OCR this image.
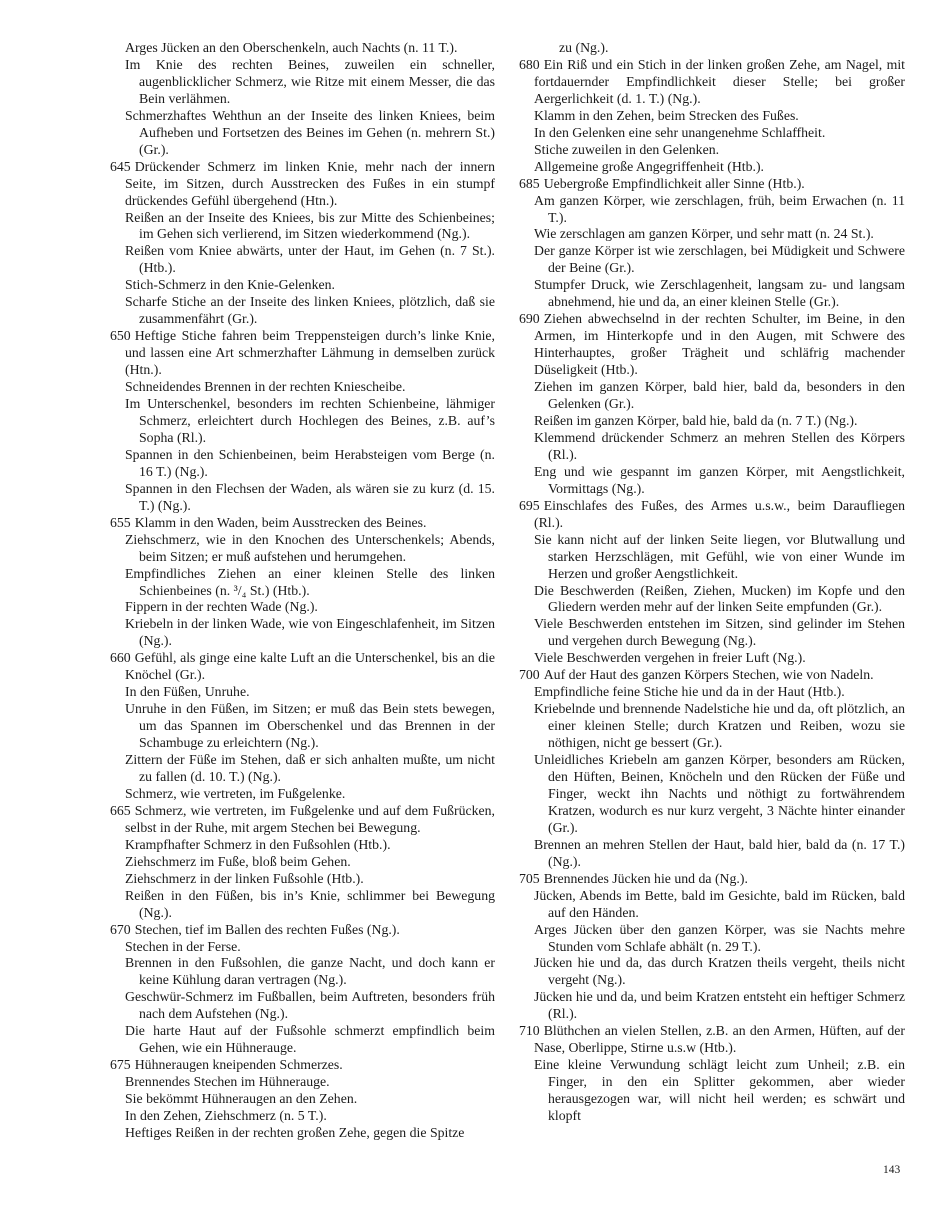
Arges Jücken an den Oberschenkeln, auch Nachts (n. 11 T.).
Im Knie des rechten Beines, zuweilen ein schneller, augenblicklicher Schmerz, wie Ritze mit einem Messer, die das Bein verlähmen.
Schmerzhaftes Wehthun an der Inseite des linken Kniees, beim Aufheben und Fortsetzen des Beines im Gehen (n. mehrern St.) (Gr.).
645 Drückender Schmerz im linken Knie, mehr nach der innern Seite, im Sitzen, durch Ausstrecken des Fußes in ein stumpf drückendes Gefühl übergehend (Htn.).
Reißen an der Inseite des Kniees, bis zur Mitte des Schienbeines; im Gehen sich verlierend, im Sitzen wiederkommend (Ng.).
Reißen vom Kniee abwärts, unter der Haut, im Gehen (n. 7 St.). (Htb.).
Stich-Schmerz in den Knie-Gelenken.
Scharfe Stiche an der Inseite des linken Kniees, plötzlich, daß sie zusammenfährt (Gr.).
650 Heftige Stiche fahren beim Treppensteigen durch’s linke Knie, und lassen eine Art schmerzhafter Lähmung in demselben zurück (Htn.).
Schneidendes Brennen in der rechten Kniescheibe.
Im Unterschenkel, besonders im rechten Schienbeine, lähmiger Schmerz, erleichtert durch Hochlegen des Beines, z.B. auf’s Sopha (Rl.).
Spannen in den Schienbeinen, beim Herabsteigen vom Berge (n. 16 T.) (Ng.).
Spannen in den Flechsen der Waden, als wären sie zu kurz (d. 15. T.) (Ng.).
655 Klamm in den Waden, beim Ausstrecken des Beines.
Ziehschmerz, wie in den Knochen des Unterschenkels; Abends, beim Sitzen; er muß aufstehen und herumgehen.
Empfindliches Ziehen an einer kleinen Stelle des linken Schienbeines (n. ³/₄ St.) (Htb.).
Fippern in der rechten Wade (Ng.).
Kriebeln in der linken Wade, wie von Eingeschlafenheit, im Sitzen (Ng.).
660 Gefühl, als ginge eine kalte Luft an die Unterschenkel, bis an die Knöchel (Gr.).
In den Füßen, Unruhe.
Unruhe in den Füßen, im Sitzen; er muß das Bein stets bewegen, um das Spannen im Oberschenkel und das Brennen in der Schambuge zu erleichtern (Ng.).
Zittern der Füße im Stehen, daß er sich anhalten mußte, um nicht zu fallen (d. 10. T.) (Ng.).
Schmerz, wie vertreten, im Fußgelenke.
665 Schmerz, wie vertreten, im Fußgelenke und auf dem Fußrücken, selbst in der Ruhe, mit argem Stechen bei Bewegung.
Krampfhafter Schmerz in den Fußsohlen (Htb.).
Ziehschmerz im Fuße, bloß beim Gehen.
Ziehschmerz in der linken Fußsohle (Htb.).
Reißen in den Füßen, bis in’s Knie, schlimmer bei Bewegung (Ng.).
670 Stechen, tief im Ballen des rechten Fußes (Ng.).
Stechen in der Ferse.
Brennen in den Fußsohlen, die ganze Nacht, und doch kann er keine Kühlung daran vertragen (Ng.).
Geschwür-Schmerz im Fußballen, beim Auftreten, besonders früh nach dem Aufstehen (Ng.).
Die harte Haut auf der Fußsohle schmerzt empfindlich beim Gehen, wie ein Hühnerauge.
675 Hühneraugen kneipenden Schmerzes.
Brennendes Stechen im Hühnerauge.
Sie bekömmt Hühneraugen an den Zehen.
In den Zehen, Ziehschmerz (n. 5 T.).
Heftiges Reißen in der rechten großen Zehe, gegen die Spitze
zu (Ng.).
680 Ein Riß und ein Stich in der linken großen Zehe, am Nagel, mit fortdauernder Empfindlichkeit dieser Stelle; bei großer Aergerlichkeit (d. 1. T.) (Ng.).
Klamm in den Zehen, beim Strecken des Fußes.
In den Gelenken eine sehr unangenehme Schlaffheit.
Stiche zuweilen in den Gelenken.
Allgemeine große Angegriffenheit (Htb.).
685 Uebergroße Empfindlichkeit aller Sinne (Htb.).
Am ganzen Körper, wie zerschlagen, früh, beim Erwachen (n. 11 T.).
Wie zerschlagen am ganzen Körper, und sehr matt (n. 24 St.).
Der ganze Körper ist wie zerschlagen, bei Müdigkeit und Schwere der Beine (Gr.).
Stumpfer Druck, wie Zerschlagenheit, langsam zu- und langsam abnehmend, hie und da, an einer kleinen Stelle (Gr.).
690 Ziehen abwechselnd in der rechten Schulter, im Beine, in den Armen, im Hinterkopfe und in den Augen, mit Schwere des Hinterhauptes, großer Trägheit und schläfrig machender Düseligkeit (Htb.).
Ziehen im ganzen Körper, bald hier, bald da, besonders in den Gelenken (Gr.).
Reißen im ganzen Körper, bald hie, bald da (n. 7 T.) (Ng.).
Klemmend drückender Schmerz an mehren Stellen des Körpers (Rl.).
Eng und wie gespannt im ganzen Körper, mit Aengstlichkeit, Vormittags (Ng.).
695 Einschlafes des Fußes, des Armes u.s.w., beim Daraufliegen (Rl.).
Sie kann nicht auf der linken Seite liegen, vor Blutwallung und starken Herzschlägen, mit Gefühl, wie von einer Wunde im Herzen und großer Aengstlichkeit.
Die Beschwerden (Reißen, Ziehen, Mucken) im Kopfe und den Gliedern werden mehr auf der linken Seite empfunden (Gr.).
Viele Beschwerden entstehen im Sitzen, sind gelinder im Stehen und vergehen durch Bewegung (Ng.).
Viele Beschwerden vergehen in freier Luft (Ng.).
700 Auf der Haut des ganzen Körpers Stechen, wie von Nadeln.
Empfindliche feine Stiche hie und da in der Haut (Htb.).
Kriebelnde und brennende Nadelstiche hie und da, oft plötzlich, an einer kleinen Stelle; durch Kratzen und Reiben, wozu sie nöthigen, nicht ge bessert (Gr.).
Unleidliches Kriebeln am ganzen Körper, besonders am Rücken, den Hüften, Beinen, Knöcheln und den Rücken der Füße und Finger, weckt ihn Nachts und nöthigt zu fortwährendem Kratzen, wodurch es nur kurz vergeht, 3 Nächte hinter einander (Gr.).
Brennen an mehren Stellen der Haut, bald hier, bald da (n. 17 T.) (Ng.).
705 Brennendes Jücken hie und da (Ng.).
Jücken, Abends im Bette, bald im Gesichte, bald im Rücken, bald auf den Händen.
Arges Jücken über den ganzen Körper, was sie Nachts mehre Stunden vom Schlafe abhält (n. 29 T.).
Jücken hie und da, das durch Kratzen theils vergeht, theils nicht vergeht (Ng.).
Jücken hie und da, und beim Kratzen entsteht ein heftiger Schmerz (Rl.).
710 Blüthchen an vielen Stellen, z.B. an den Armen, Hüften, auf der Nase, Oberlippe, Stirne u.s.w (Htb.).
Eine kleine Verwundung schlägt leicht zum Unheil; z.B. ein Finger, in den ein Splitter gekommen, aber wieder herausgezogen war, will nicht heil werden; es schwärt und klopft
143
